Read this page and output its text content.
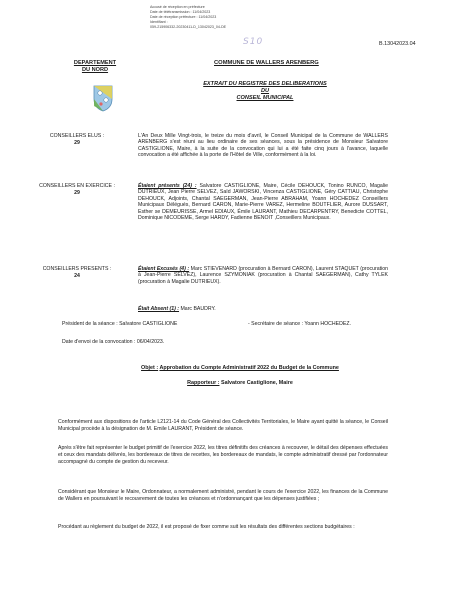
Accusé de réception en préfecture
Date de télétransmission : 11/04/2023
Date de réception préfecture : 11/04/2023
Identifiant :
059-215906332-20230411-D_13042023_04-DE
S10	B.13042023.04
DEPARTEMENT
DU NORD
COMMUNE DE WALLERS ARENBERG
EXTRAIT DU REGISTRE DES DELIBERATIONS DU
CONSEIL MUNICIPAL
CONSEILLERS ELUS :
29
L'An Deux Mille Vingt-trois, le treize du mois d'avril, le Conseil Municipal de la Commune de WALLERS ARENBERG s'est réuni au lieu ordinaire de ses séances, sous la présidence de Monsieur Salvatore CASTIGLIONE, Maire, à la suite de la convocation qui lui a été faite cinq jours à l'avance, laquelle convocation a été affichée à la porte de l'Hôtel de Ville, conformément à la loi.
CONSEILLERS EN EXERCICE :
29
Étaient présents (24) : Salvatore CASTIGLIONE, Maire, Cécile DEHOUCK, Tonino RUNCO, Magalie DUTRIEUX, Jean Pierre SELVEZ, Saïd JAWORSKI, Vincenza CASTIGLIONE, Géry CATTIAU, Christophe DEHOUCK, Adjoints, Chantal SAEGERMAN, Jean-Pierre ABRAHAM, Yoann HOCHEDEZ Conseillers Municipaux Délégués, Bernard CARON, Marie-Pierre VAREZ, Hermeline BOUTFLIER, Aurore DUSSART, Esther se DEMEURISSE, Armel EDIAUX, Émile LAURANT, Mathieu DECARPENTRY, Benedicte COTTEL, Dominique NICODEME, Serge HARDY, Fadienne BENOIT ,Conseillers Municipaux.
CONSEILLERS PRESENTS :
24
Étaient Excusés (4) : Marc STIEVENARD (procuration à Bernard CARON), Laurent STAQUET (procuration à Jean-Pierre SELVEZ), Laurence SZYMONIAK (procuration à Chantal SAEGERMAN), Cathy TYLEK (procuration à Magalie DUTRIEUX).
Était Absent (1) : Marc BAUDRY.
Président de la séance : Salvatore CASTIGLIONE	- Secrétaire de séance : Yoann HOCHEDEZ.
Date d'envoi de la convocation : 06/04/2023.
Objet : Approbation du Compte Administratif 2022 du Budget de la Commune
Rapporteur : Salvatore Castiglione, Maire
Conformément aux dispositions de l'article L2121-14 du Code Général des Collectivités Territoriales, le Maire ayant quitté la séance, le Conseil Municipal procède à la désignation de M. Emile LAURANT, Président de séance.
Après s'être fait représenter le budget primitif de l'exercice 2022, les titres définitifs des créances à recouvrer, le détail des dépenses effectuées et ceux des mandats délivrés, les bordereaux de titres de recettes, les bordereaux de mandats, le compte administratif dressé par l'ordonnateur accompagné du compte de gestion du receveur.
Considérant que Monsieur le Maire, Ordonnateur, a normalement administré, pendant le cours de l'exercice 2022, les finances de la Commune de Wallers en poursuivant le recouvrement de toutes les créances et n'ordonnançant que les dépenses justifiées ;
Procédant au règlement du budget de 2022, il est proposé de fixer comme suit les résultats des différentes sections budgétaires :
